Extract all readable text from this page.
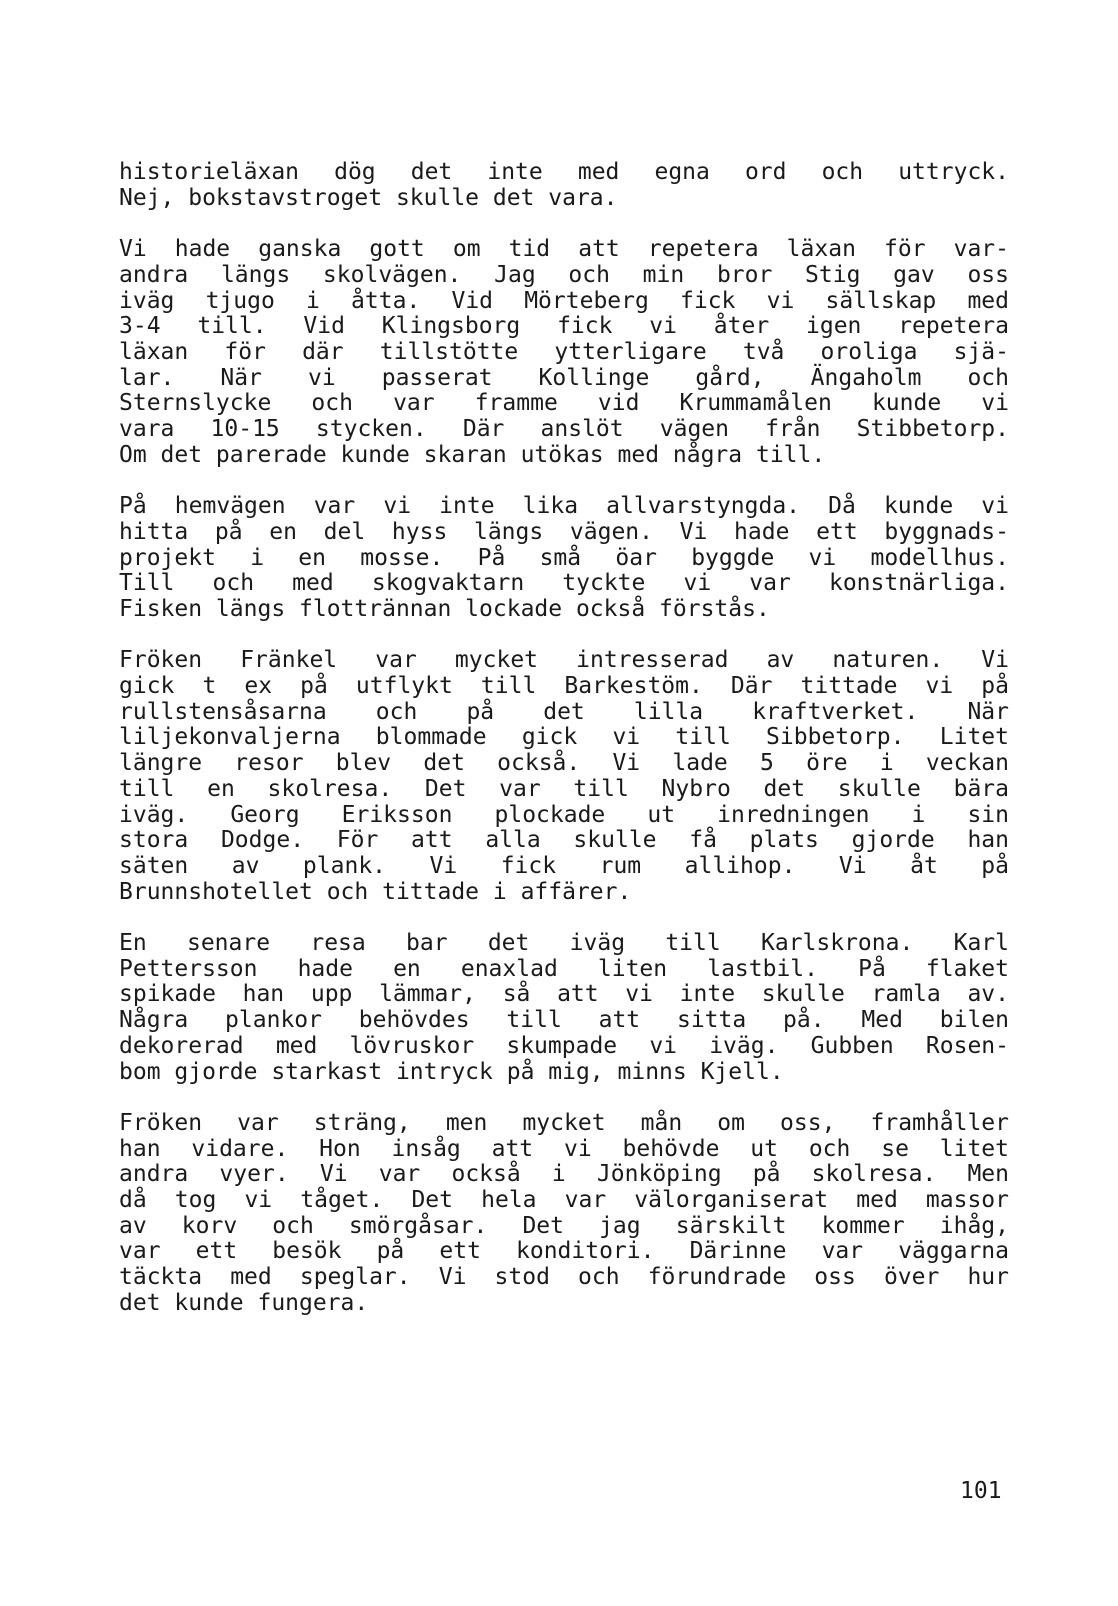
historieläxan dög det inte med egna ord och uttryck.
Nej, bokstavstroget skulle det vara.

Vi hade ganska gott om tid att repetera läxan för var-
andra längs skolvägen. Jag och min bror Stig gav oss
iväg tjugo i åtta. Vid Mörteberg fick vi sällskap med
3-4 till. Vid Klingsborg fick vi åter igen repetera
läxan för där tillstötte ytterligare två oroliga sjä-
lar. När vi passerat Kollinge gård, Ängaholm och
Sternslycke och var framme vid Krummamålen kunde vi
vara 10-15 stycken. Där anslöt vägen från Stibbetorp.
Om det parerade kunde skaran utökas med några till.

På hemvägen var vi inte lika allvarstyngda. Då kunde vi
hitta på en del hyss längs vägen. Vi hade ett byggnads-
projekt i en mosse. På små öar byggde vi modellhus.
Till och med skogvaktarn tyckte vi var konstnärliga.
Fisken längs flottrännan lockade också förstås.

Fröken Fränkel var mycket intresserad av naturen. Vi
gick t ex på utflykt till Barkestöm. Där tittade vi på
rullstensåsarna och på det lilla kraftverket. När
liljekonvaljerna blommade gick vi till Sibbetorp. Litet
längre resor blev det också. Vi lade 5 öre i veckan
till en skolresa. Det var till Nybro det skulle bära
iväg. Georg Eriksson plockade ut inredningen i sin
stora Dodge. För att alla skulle få plats gjorde han
säten av plank. Vi fick rum allihop. Vi åt på
Brunnshotellet och tittade i affärer.

En senare resa bar det iväg till Karlskrona. Karl
Pettersson hade en enaxlad liten lastbil. På flaket
spikade han upp lämmar, så att vi inte skulle ramla av.
Några plankor behövdes till att sitta på. Med bilen
dekorerad med lövruskor skumpade vi iväg. Gubben Rosen-
bom gjorde starkast intryck på mig, minns Kjell.

Fröken var sträng, men mycket mån om oss, framhåller
han vidare. Hon insåg att vi behövde ut och se litet
andra vyer. Vi var också i Jönköping på skolresa. Men
då tog vi tåget. Det hela var välorganiserat med massor
av korv och smörgåsar. Det jag särskilt kommer ihåg,
var ett besök på ett konditori. Därinne var väggarna
täckta med speglar. Vi stod och förundrade oss över hur
det kunde fungera.

101
